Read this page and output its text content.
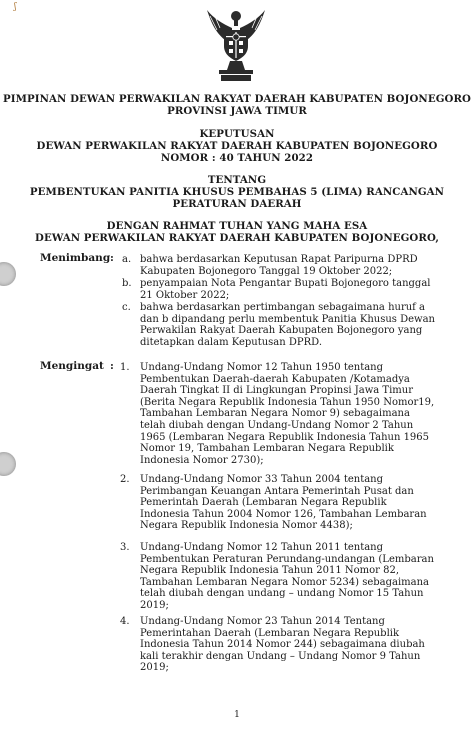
ʃ
PIMPINAN DEWAN PERWAKILAN RAKYAT DAERAH KABUPATEN BOJONEGORO
PROVINSI JAWA TIMUR
KEPUTUSAN
DEWAN PERWAKILAN RAKYAT DAERAH KABUPATEN BOJONEGORO
NOMOR : 40 TAHUN 2022
TENTANG
PEMBENTUKAN PANITIA KHUSUS PEMBAHAS 5 (LIMA) RANCANGAN
PERATURAN DAERAH
DENGAN RAHMAT TUHAN YANG MAHA ESA
DEWAN PERWAKILAN RAKYAT DAERAH KABUPATEN BOJONEGORO,
Menimbang : a. bahwa berdasarkan Keputusan Rapat Paripurna DPRD Kabupaten Bojonegoro Tanggal 19 Oktober 2022;
b. penyampaian Nota Pengantar Bupati Bojonegoro tanggal 21 Oktober 2022;
c. bahwa berdasarkan pertimbangan sebagaimana huruf a dan b dipandang perlu membentuk Panitia Khusus Dewan Perwakilan Rakyat Daerah Kabupaten Bojonegoro yang ditetapkan dalam Keputusan DPRD.
Mengingat : 1. Undang-Undang Nomor 12 Tahun 1950 tentang Pembentukan Daerah-daerah Kabupaten /Kotamadya Daerah Tingkat II di Lingkungan Propinsi Jawa Timur (Berita Negara Republik Indonesia Tahun 1950 Nomor19, Tambahan Lembaran Negara Nomor 9) sebagaimana telah diubah dengan Undang-Undang Nomor 2 Tahun 1965 (Lembaran Negara Republik Indonesia Tahun 1965 Nomor 19, Tambahan Lembaran Negara Republik Indonesia Nomor 2730);
2. Undang-Undang Nomor 33 Tahun 2004 tentang Perimbangan Keuangan Antara Pemerintah Pusat dan Pemerintah Daerah (Lembaran Negara Republik Indonesia Tahun 2004 Nomor 126, Tambahan Lembaran Negara Republik Indonesia Nomor 4438);
3. Undang-Undang Nomor 12 Tahun 2011 tentang Pembentukan Peraturan Perundang-undangan (Lembaran Negara Republik Indonesia Tahun 2011 Nomor 82, Tambahan Lembaran Negara Nomor 5234) sebagaimana telah diubah dengan undang – undang Nomor 15 Tahun 2019;
4. Undang-Undang Nomor 23 Tahun 2014 Tentang Pemerintahan Daerah (Lembaran Negara Republik Indonesia Tahun 2014 Nomor 244) sebagaimana diubah kali terakhir dengan Undang – Undang Nomor 9 Tahun 2019;
1
